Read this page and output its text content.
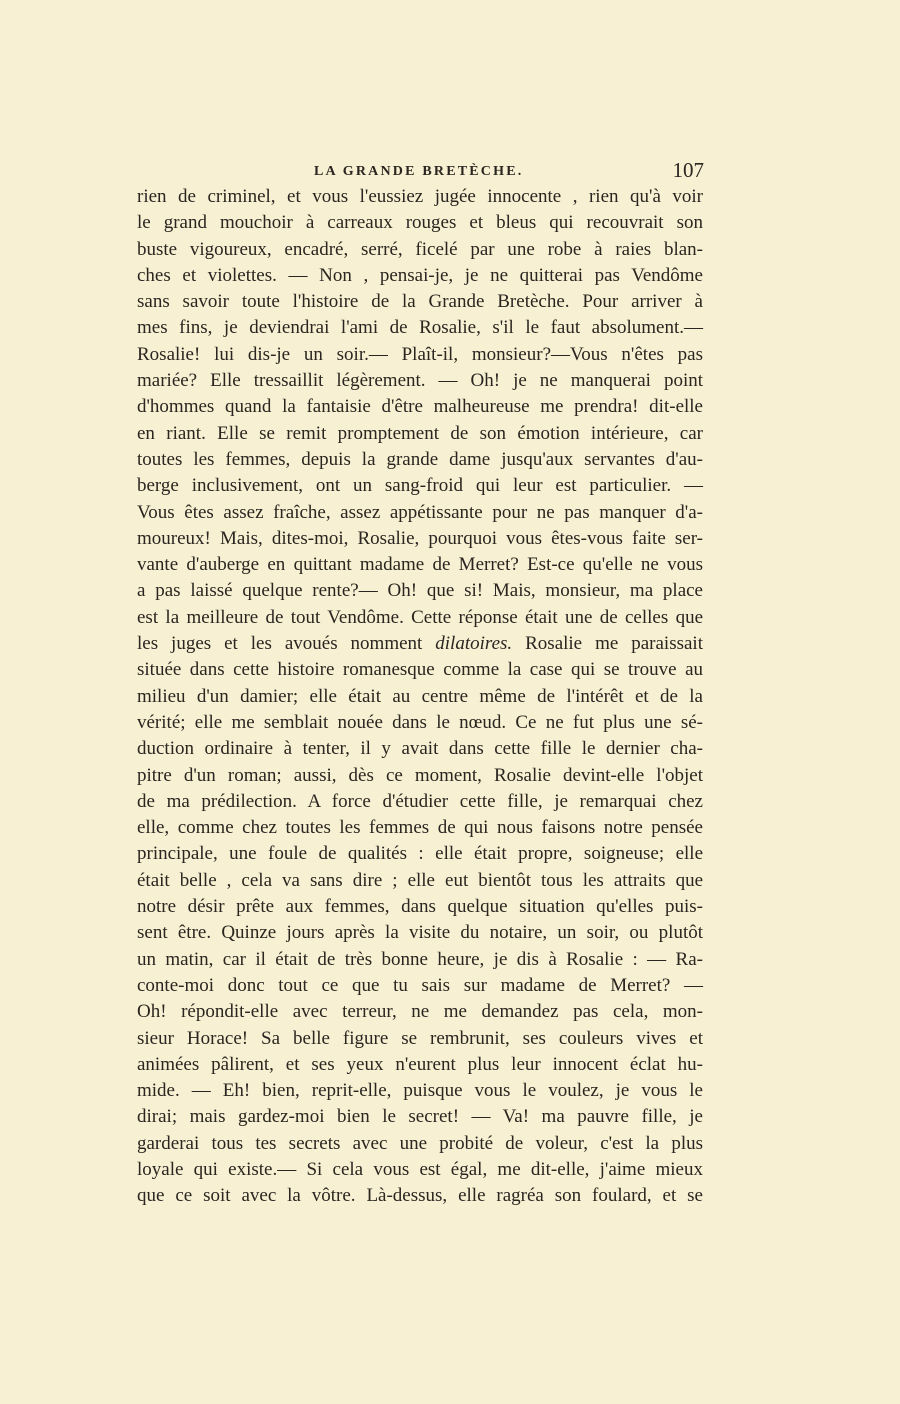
LA GRANDE BRETÈCHE.	107
rien de criminel, et vous l'eussiez jugée innocente , rien qu'à voir
le grand mouchoir à carreaux rouges et bleus qui recouvrait son
buste vigoureux, encadré, serré, ficelé par une robe à raies blan-
ches et violettes. — Non , pensai-je, je ne quitterai pas Vendôme
sans savoir toute l'histoire de la Grande Bretèche. Pour arriver à
mes fins, je deviendrai l'ami de Rosalie, s'il le faut absolument.—
Rosalie! lui dis-je un soir.— Plaît-il, monsieur?—Vous n'êtes pas
mariée? Elle tressaillit légèrement. — Oh! je ne manquerai point
d'hommes quand la fantaisie d'être malheureuse me prendra! dit-elle
en riant. Elle se remit promptement de son émotion intérieure, car
toutes les femmes, depuis la grande dame jusqu'aux servantes d'au-
berge inclusivement, ont un sang-froid qui leur est particulier. —
Vous êtes assez fraîche, assez appétissante pour ne pas manquer d'a-
moureux! Mais, dites-moi, Rosalie, pourquoi vous êtes-vous faite ser-
vante d'auberge en quittant madame de Merret? Est-ce qu'elle ne vous
a pas laissé quelque rente?— Oh! que si! Mais, monsieur, ma place
est la meilleure de tout Vendôme. Cette réponse était une de celles que
les juges et les avoués nomment dilatoires. Rosalie me paraissait
située dans cette histoire romanesque comme la case qui se trouve au
milieu d'un damier; elle était au centre même de l'intérêt et de la
vérité; elle me semblait nouée dans le nœud. Ce ne fut plus une sé-
duction ordinaire à tenter, il y avait dans cette fille le dernier cha-
pitre d'un roman; aussi, dès ce moment, Rosalie devint-elle l'objet
de ma prédilection. A force d'étudier cette fille, je remarquai chez
elle, comme chez toutes les femmes de qui nous faisons notre pensée
principale, une foule de qualités : elle était propre, soigneuse; elle
était belle , cela va sans dire ; elle eut bientôt tous les attraits que
notre désir prête aux femmes, dans quelque situation qu'elles puis-
sent être. Quinze jours après la visite du notaire, un soir, ou plutôt
un matin, car il était de très bonne heure, je dis à Rosalie : — Ra-
conte-moi donc tout ce que tu sais sur madame de Merret? —
Oh! répondit-elle avec terreur, ne me demandez pas cela, mon-
sieur Horace! Sa belle figure se rembrunit, ses couleurs vives et
animées pâlirent, et ses yeux n'eurent plus leur innocent éclat hu-
mide. — Eh! bien, reprit-elle, puisque vous le voulez, je vous le
dirai; mais gardez-moi bien le secret! — Va! ma pauvre fille, je
garderai tous tes secrets avec une probité de voleur, c'est la plus
loyale qui existe.— Si cela vous est égal, me dit-elle, j'aime mieux
que ce soit avec la vôtre. Là-dessus, elle ragréa son foulard, et se
